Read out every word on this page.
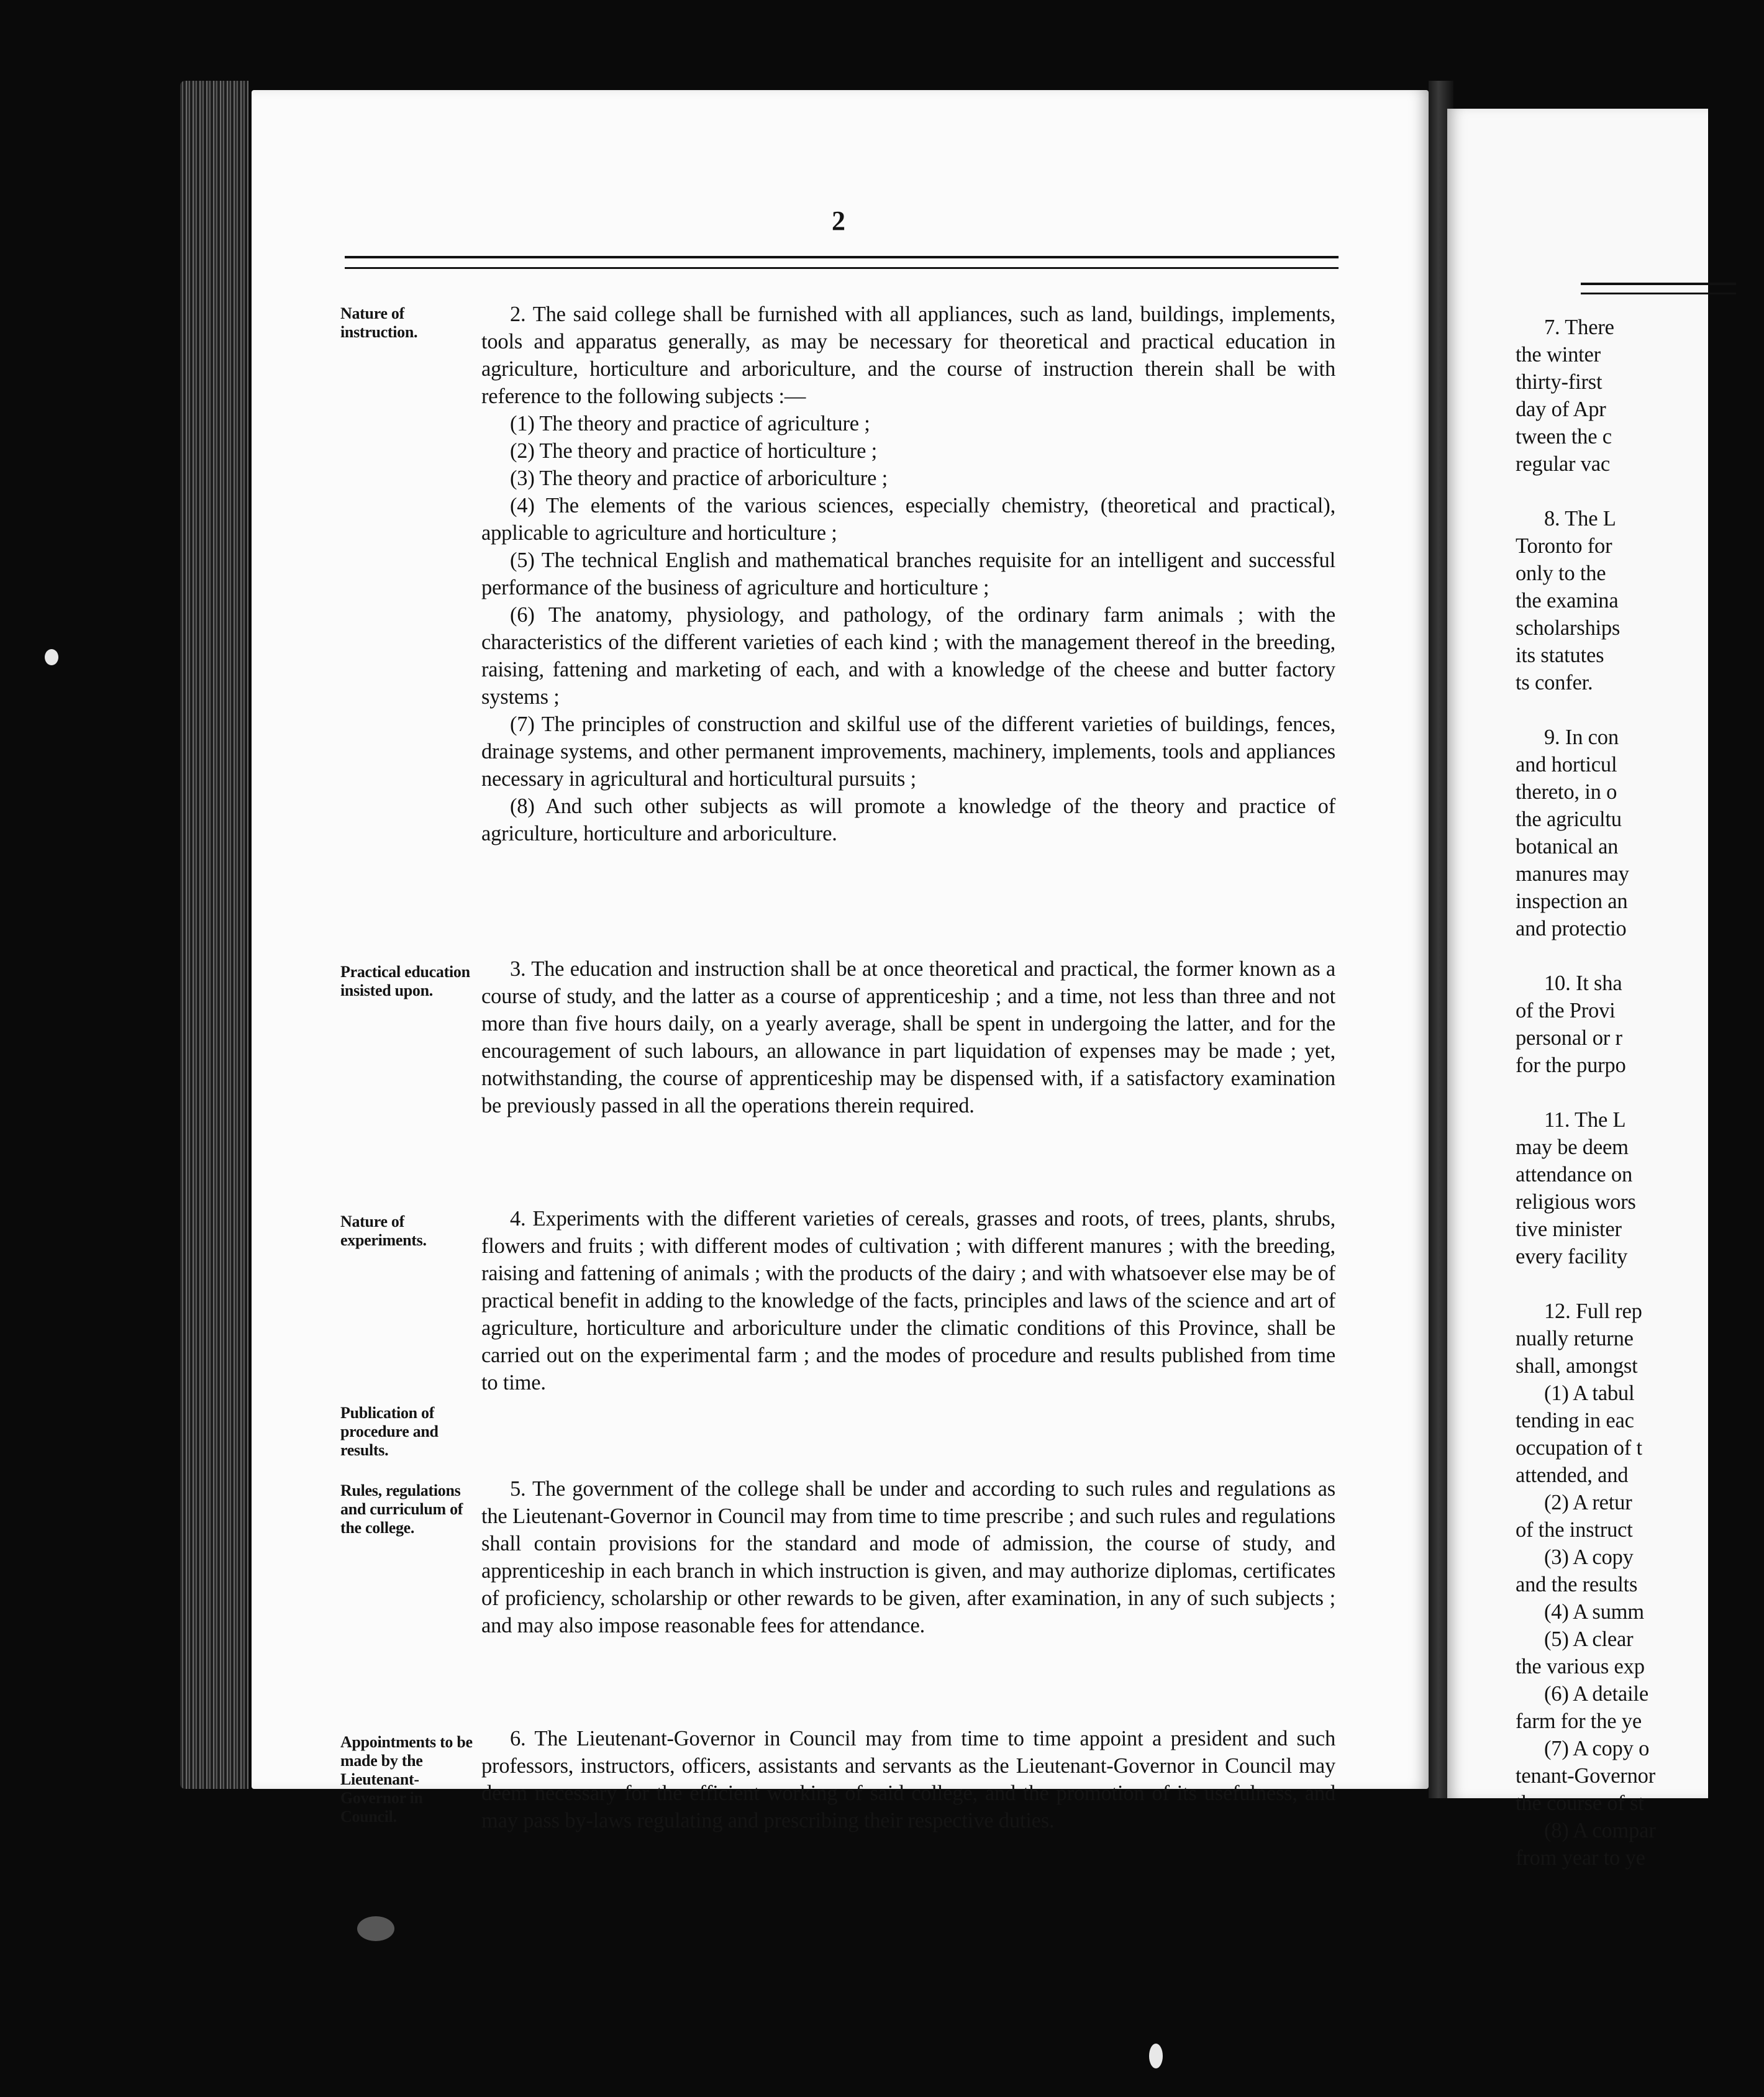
7. There
the winter
thirty-first
day of Apr
tween the c
regular vac
8. The L
Toronto for
only to the
the examina
scholarships
its statutes
ts confer.
9. In con
and horticul
thereto, in o
the agricultu
botanical an
manures may
inspection an
and protectio
10. It sha
of the Provi
personal or r
for the purpo
11. The L
may be deem
attendance on
religious wors
tive minister
every facility
12. Full rep
nually returne
shall, amongst
(1) A tabul
tending in eac
occupation of t
attended, and
(2) A retur
of the instruct
(3) A copy
and the results
(4) A summ
(5) A clear
the various exp
(6) A detaile
farm for the ye
(7) A copy o
tenant-Governor
the course of st
(8) A compar
from year to ye
2
Nature of instruction.

2. The said college shall be furnished with all appliances, such as land, buildings, implements, tools and apparatus generally, as may be necessary for theoretical and practical education in agriculture, horticulture and arboriculture, and the course of instruction therein shall be with reference to the following subjects :—

(1) The theory and practice of agriculture ;

(2) The theory and practice of horticulture ;

(3) The theory and practice of arboriculture ;

(4) The elements of the various sciences, especially chemistry, (theoretical and practical), applicable to agriculture and horticulture ;

(5) The technical English and mathematical branches requisite for an intelligent and successful performance of the business of agriculture and horticulture ;

(6) The anatomy, physiology, and pathology, of the ordinary farm animals ; with the characteristics of the different varieties of each kind ; with the management thereof in the breeding, raising, fattening and marketing of each, and with a knowledge of the cheese and butter factory systems ;

(7) The principles of construction and skilful use of the different varieties of buildings, fences, drainage systems, and other permanent improvements, machinery, implements, tools and appliances necessary in agricultural and horticultural pursuits ;

(8) And such other subjects as will promote a knowledge of the theory and practice of agriculture, horticulture and arboriculture.

Practical education insisted upon.

3. The education and instruction shall be at once theoretical and practical, the former known as a course of study, and the latter as a course of apprenticeship ; and a time, not less than three and not more than five hours daily, on a yearly average, shall be spent in undergoing the latter, and for the encouragement of such labours, an allowance in part liquidation of expenses may be made ; yet, notwithstanding, the course of apprenticeship may be dispensed with, if a satisfactory examination be previously passed in all the operations therein required.

Nature of experiments.
Publication of procedure and results.

4. Experiments with the different varieties of cereals, grasses and roots, of trees, plants, shrubs, flowers and fruits ; with different modes of cultivation ; with different manures ; with the breeding, raising and fattening of animals ; with the products of the dairy ; and with whatsoever else may be of practical benefit in adding to the knowledge of the facts, principles and laws of the science and art of agriculture, horticulture and arboriculture under the climatic conditions of this Province, shall be carried out on the experimental farm ; and the modes of procedure and results published from time to time.

Rules, regulations and curriculum of the college.

5. The government of the college shall be under and according to such rules and regulations as the Lieutenant-Governor in Council may from time to time prescribe ; and such rules and regulations shall contain provisions for the standard and mode of admission, the course of study, and apprenticeship in each branch in which instruction is given, and may authorize diplomas, certificates of proficiency, scholarship or other rewards to be given, after examination, in any of such subjects ; and may also impose reasonable fees for attendance.

Appointments to be made by the Lieutenant-Governor in Council.

6. The Lieutenant-Governor in Council may from time to time appoint a president and such professors, instructors, officers, assistants and servants as the Lieutenant-Governor in Council may deem necessary for the efficient working of said college, and the promotion of its usefulness, and may pass by-laws regulating and prescribing their respective duties.
